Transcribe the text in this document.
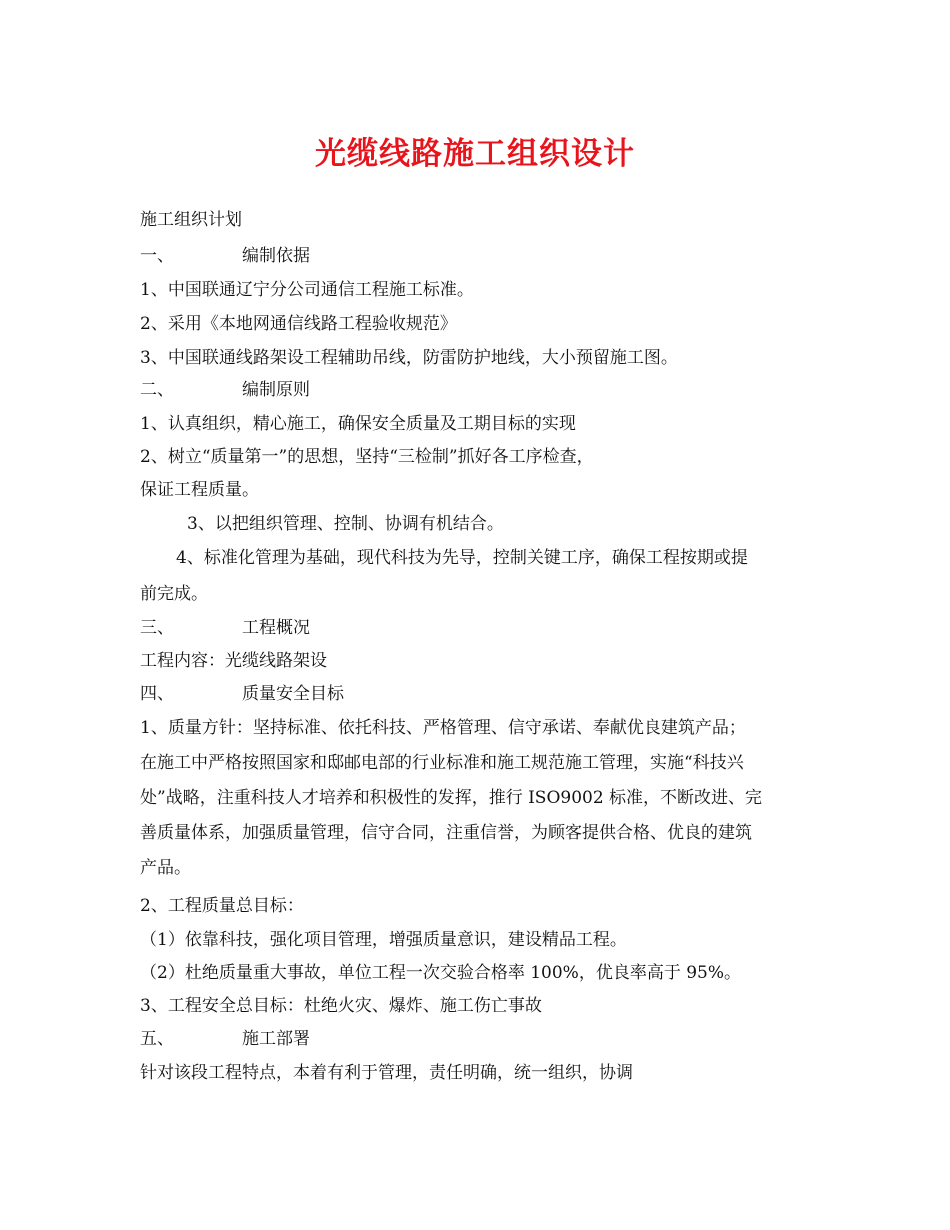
光缆线路施工组织设计
施工组织计划
一、	编制依据
1、中国联通辽宁分公司通信工程施工标准。
2、采用《本地网通信线路工程验收规范》
3、中国联通线路架设工程辅助吊线，防雷防护地线，大小预留施工图。
二、	编制原则
1、认真组织，精心施工，确保安全质量及工期目标的实现
2、树立“质量第一”的思想，坚持“三检制”抓好各工序检查，
保证工程质量。
3、以把组织管理、控制、协调有机结合。
4、标准化管理为基础，现代科技为先导，控制关键工序，确保工程按期或提
前完成。
三、	工程概况
工程内容：光缆线路架设
四、	质量安全目标
1、质量方针：坚持标准、依托科技、严格管理、信守承诺、奉献优良建筑产品；
在施工中严格按照国家和邸邮电部的行业标准和施工规范施工管理，实施“科技兴
处”战略，注重科技人才培养和积极性的发挥，推行 ISO9002 标准，不断改进、完
善质量体系，加强质量管理，信守合同，注重信誉，为顾客提供合格、优良的建筑
产品。
2、工程质量总目标：
（1）依靠科技，强化项目管理，增强质量意识，建设精品工程。
（2）杜绝质量重大事故，单位工程一次交验合格率 100%，优良率高于 95%。
3、工程安全总目标：杜绝火灾、爆炸、施工伤亡事故
五、	施工部署
针对该段工程特点，本着有利于管理，责任明确，统一组织，协调
